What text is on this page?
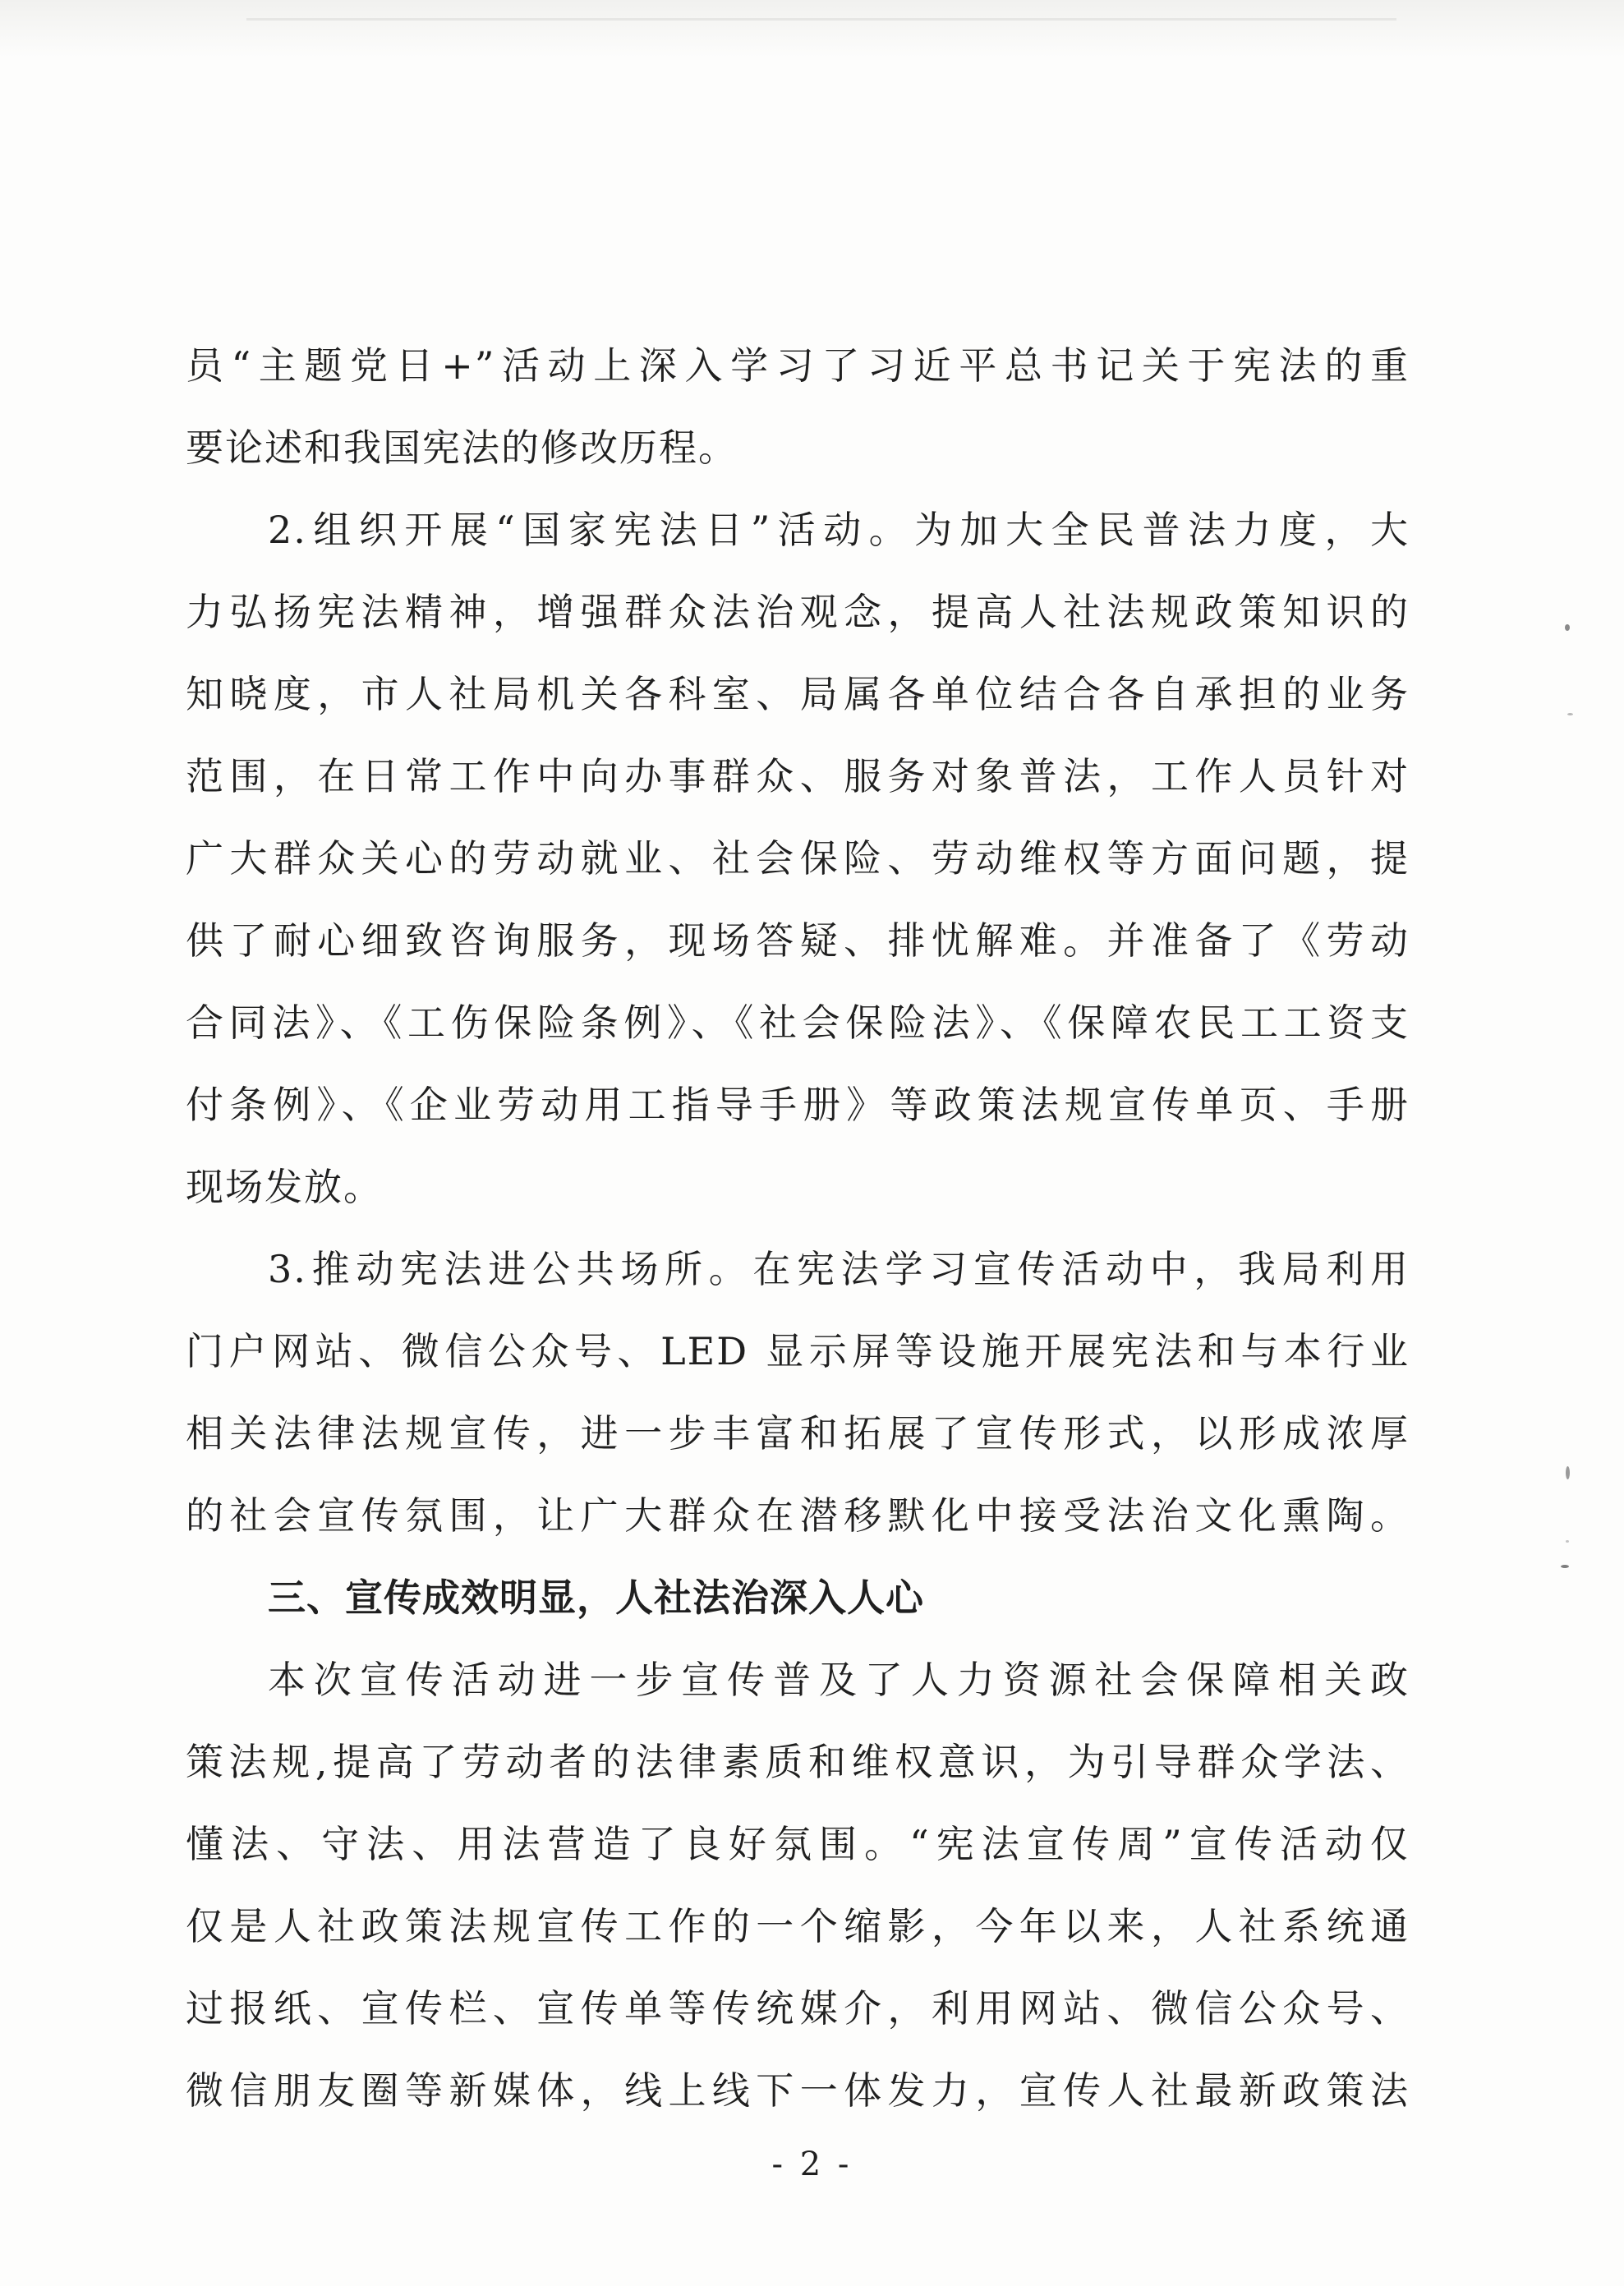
员“主题党日+”活动上深入学习了习近平总书记关于宪法的重
要论述和我国宪法的修改历程。
2.组织开展“国家宪法日”活动。为加大全民普法力度，大
力弘扬宪法精神，增强群众法治观念，提高人社法规政策知识的
知晓度，市人社局机关各科室、局属各单位结合各自承担的业务
范围，在日常工作中向办事群众、服务对象普法，工作人员针对
广大群众关心的劳动就业、社会保险、劳动维权等方面问题，提
供了耐心细致咨询服务，现场答疑、排忧解难。并准备了《劳动
合同法》、《工伤保险条例》、《社会保险法》、《保障农民工工资支
付条例》、《企业劳动用工指导手册》等政策法规宣传单页、手册
现场发放。
3.推动宪法进公共场所。在宪法学习宣传活动中，我局利用
门户网站、微信公众号、LED 显示屏等设施开展宪法和与本行业
相关法律法规宣传，进一步丰富和拓展了宣传形式，以形成浓厚
的社会宣传氛围，让广大群众在潜移默化中接受法治文化熏陶。
三、宣传成效明显，人社法治深入人心
本次宣传活动进一步宣传普及了人力资源社会保障相关政
策法规,提高了劳动者的法律素质和维权意识，为引导群众学法、
懂法、守法、用法营造了良好氛围。“宪法宣传周”宣传活动仅
仅是人社政策法规宣传工作的一个缩影，今年以来，人社系统通
过报纸、宣传栏、宣传单等传统媒介，利用网站、微信公众号、
微信朋友圈等新媒体，线上线下一体发力，宣传人社最新政策法
- 2 -
